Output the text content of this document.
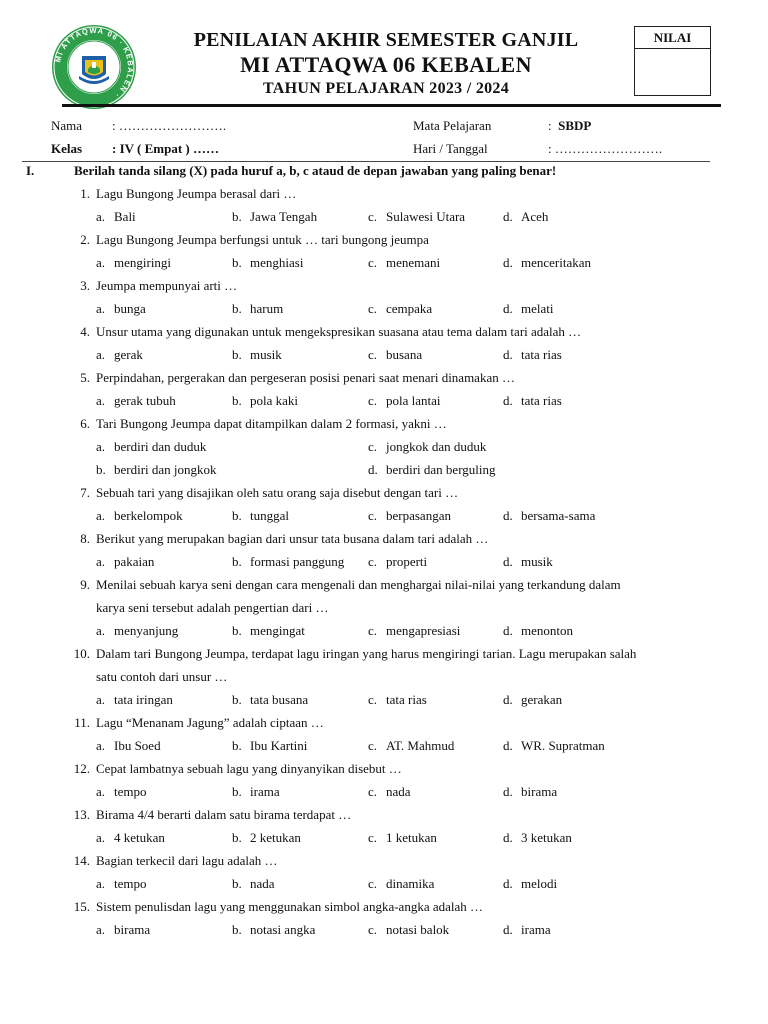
MI ATTAQWA 06 · KEBALEN ·
PENILAIAN AKHIR SEMESTER GANJIL
MI ATTAQWA 06 KEBALEN
TAHUN PELAJARAN 2023 / 2024
NILAI
Nama : …………………….
Kelas : IV ( Empat ) ……
Mata Pelajaran	: SBDP
Hari / Tanggal	: …………………….
I.	Berilah tanda silang (X) pada huruf a, b, c ataud de depan jawaban yang paling benar!
1. Lagu Bungong Jeumpa berasal dari …
a. Bali	b. Jawa Tengah	c. Sulawesi Utara	d. Aceh
2. Lagu Bungong Jeumpa berfungsi untuk … tari bungong jeumpa
a. mengiringi	b. menghiasi	c. menemani	d. menceritakan
3. Jeumpa mempunyai arti …
a. bunga	b. harum	c. cempaka	d. melati
4. Unsur utama yang digunakan untuk mengekspresikan suasana atau tema dalam tari adalah …
a. gerak	b. musik	c. busana	d. tata rias
5. Perpindahan, pergerakan dan pergeseran posisi penari saat menari dinamakan …
a. gerak tubuh	b. pola kaki	c. pola lantai	d. tata rias
6. Tari Bungong Jeumpa dapat ditampilkan dalam 2 formasi, yakni …
a. berdiri dan duduk	c. jongkok dan duduk
b. berdiri dan jongkok	d. berdiri dan berguling
7. Sebuah tari yang disajikan oleh satu orang saja disebut dengan tari …
a. berkelompok	b. tunggal	c. berpasangan	d. bersama-sama
8. Berikut yang merupakan bagian dari unsur tata busana dalam tari adalah …
a. pakaian	b. formasi panggung c. properti	d. musik
9. Menilai sebuah karya seni dengan cara mengenali dan menghargai nilai-nilai yang terkandung dalam
karya seni tersebut adalah pengertian dari …
a. menyanjung	b. mengingat	c. mengapresiasi	d. menonton
10. Dalam tari Bungong Jeumpa, terdapat lagu iringan yang harus mengiringi tarian. Lagu merupakan salah
satu contoh dari unsur …
a. tata iringan	b. tata busana	c. tata rias	d. gerakan
11. Lagu “Menanam Jagung” adalah ciptaan …
a. Ibu Soed	b. Ibu Kartini	c. AT. Mahmud	d. WR. Supratman
12. Cepat lambatnya sebuah lagu yang dinyanyikan disebut …
a. tempo	b. irama	c. nada	d. birama
13. Birama 4/4 berarti dalam satu birama terdapat …
a. 4 ketukan	b. 2 ketukan	c. 1 ketukan	d. 3 ketukan
14. Bagian terkecil dari lagu adalah …
a. tempo	b. nada	c. dinamika	d. melodi
15. Sistem penulisdan lagu yang menggunakan simbol angka-angka adalah …
a. birama	b. notasi angka	c. notasi balok	d. irama
